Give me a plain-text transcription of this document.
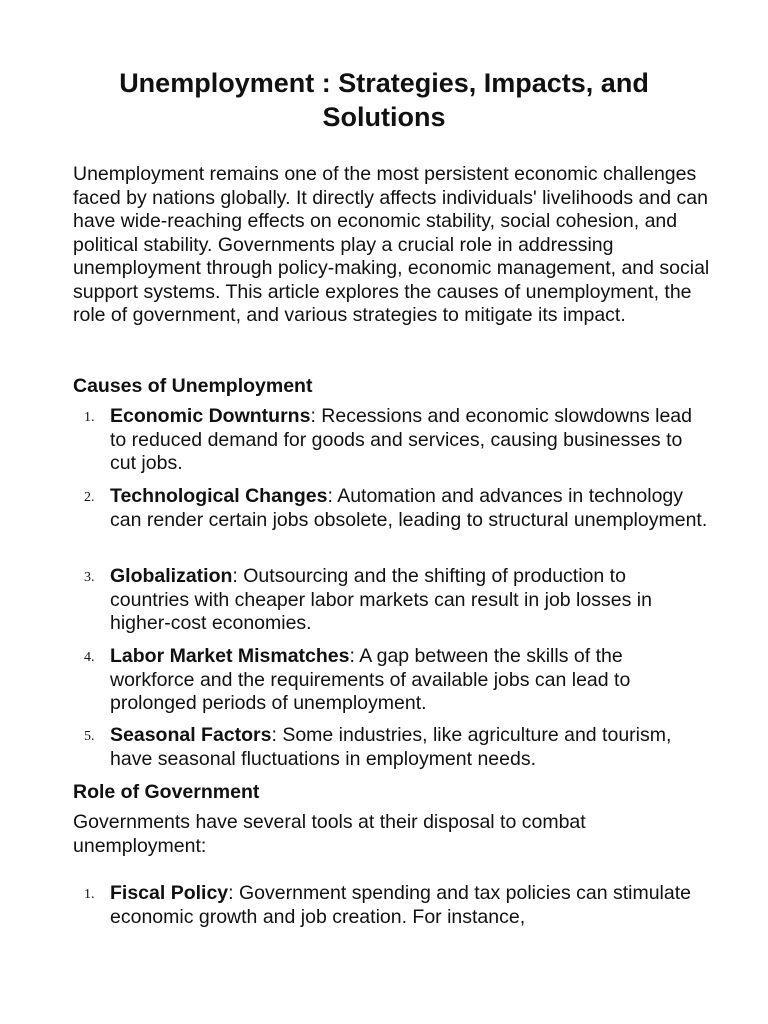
Unemployment : Strategies, Impacts, and Solutions

Unemployment remains one of the most persistent economic challenges faced by nations globally. It directly affects individuals' livelihoods and can have wide-reaching effects on economic stability, social cohesion, and political stability. Governments play a crucial role in addressing unemployment through policy-making, economic management, and social support systems. This article explores the causes of unemployment, the role of government, and various strategies to mitigate its impact.

Causes of Unemployment
1. Economic Downturns: Recessions and economic slowdowns lead to reduced demand for goods and services, causing businesses to cut jobs.
2. Technological Changes: Automation and advances in technology can render certain jobs obsolete, leading to structural unemployment.
3. Globalization: Outsourcing and the shifting of production to countries with cheaper labor markets can result in job losses in higher-cost economies.
4. Labor Market Mismatches: A gap between the skills of the workforce and the requirements of available jobs can lead to prolonged periods of unemployment.
5. Seasonal Factors: Some industries, like agriculture and tourism, have seasonal fluctuations in employment needs.
Role of Government

Governments have several tools at their disposal to combat unemployment:

1. Fiscal Policy: Government spending and tax policies can stimulate economic growth and job creation. For instance,
